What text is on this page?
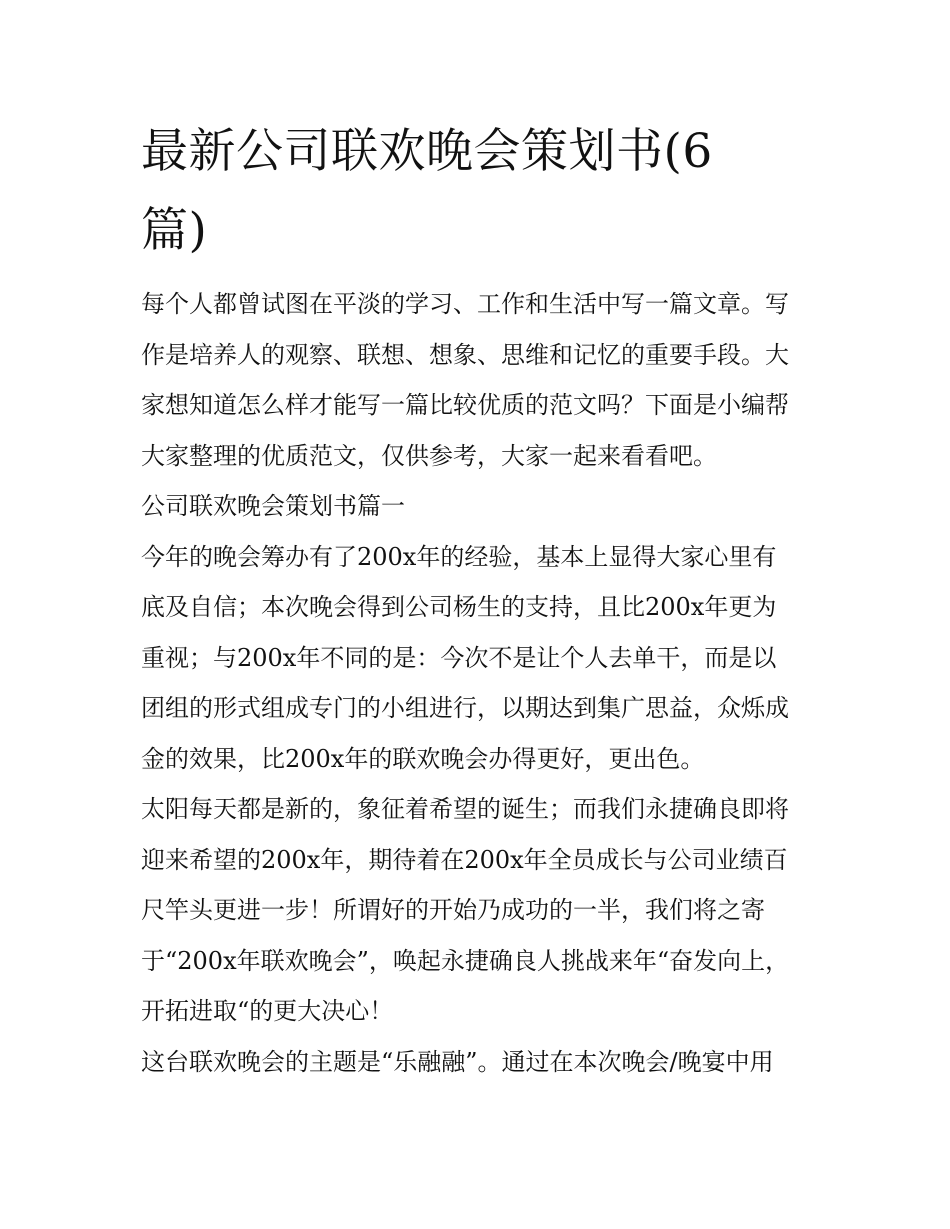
最新公司联欢晚会策划书(6
篇)
每个人都曾试图在平淡的学习、工作和生活中写一篇文章。写
作是培养人的观察、联想、想象、思维和记忆的重要手段。大
家想知道怎么样才能写一篇比较优质的范文吗？下面是小编帮
大家整理的优质范文，仅供参考，大家一起来看看吧。
公司联欢晚会策划书篇一
今年的晚会筹办有了200x年的经验，基本上显得大家心里有
底及自信；本次晚会得到公司杨生的支持，且比200x年更为
重视；与200x年不同的是：今次不是让个人去单干，而是以
团组的形式组成专门的小组进行，以期达到集广思益，众烁成
金的效果，比200x年的联欢晚会办得更好，更出色。
太阳每天都是新的，象征着希望的诞生；而我们永捷确良即将
迎来希望的200x年，期待着在200x年全员成长与公司业绩百
尺竿头更进一步！所谓好的开始乃成功的一半，我们将之寄
于“200x年联欢晚会”，唤起永捷确良人挑战来年“奋发向上，
开拓进取“的更大决心！
这台联欢晚会的主题是“乐融融”。通过在本次晚会/晚宴中用
